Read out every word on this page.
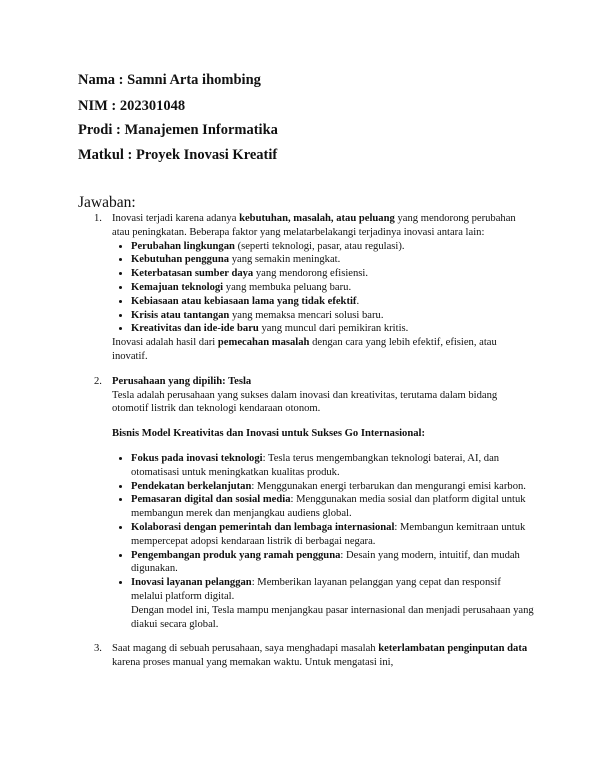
Nama : Samni Arta ihombing
NIM : 202301048
Prodi : Manajemen Informatika
Matkul : Proyek Inovasi Kreatif
Jawaban:
1. Inovasi terjadi karena adanya kebutuhan, masalah, atau peluang yang mendorong perubahan atau peningkatan. Beberapa faktor yang melatarbelakangi terjadinya inovasi antara lain:

• Perubahan lingkungan (seperti teknologi, pasar, atau regulasi).
• Kebutuhan pengguna yang semakin meningkat.
• Keterbatasan sumber daya yang mendorong efisiensi.
• Kemajuan teknologi yang membuka peluang baru.
• Kebiasaan atau kebiasaan lama yang tidak efektif.
• Krisis atau tantangan yang memaksa mencari solusi baru.
• Kreativitas dan ide-ide baru yang muncul dari pemikiran kritis.

Inovasi adalah hasil dari pemecahan masalah dengan cara yang lebih efektif, efisien, atau inovatif.

2. Perusahaan yang dipilih: Tesla

Tesla adalah perusahaan yang sukses dalam inovasi dan kreativitas, terutama dalam bidang otomotif listrik dan teknologi kendaraan otonom.

Bisnis Model Kreativitas dan Inovasi untuk Sukses Go Internasional:

• Fokus pada inovasi teknologi: Tesla terus mengembangkan teknologi baterai, AI, dan otomatisasi untuk meningkatkan kualitas produk.
• Pendekatan berkelanjutan: Menggunakan energi terbarukan dan mengurangi emisi karbon.
• Pemasaran digital dan sosial media: Menggunakan media sosial dan platform digital untuk membangun merek dan menjangkau audiens global.
• Kolaborasi dengan pemerintah dan lembaga internasional: Membangun kemitraan untuk mempercepat adopsi kendaraan listrik di berbagai negara.
• Pengembangan produk yang ramah pengguna: Desain yang modern, intuitif, dan mudah digunakan.
• Inovasi layanan pelanggan: Memberikan layanan pelanggan yang cepat dan responsif melalui platform digital.
Dengan model ini, Tesla mampu menjangkau pasar internasional dan menjadi perusahaan yang diakui secara global.
3. Saat magang di sebuah perusahaan, saya menghadapi masalah keterlambatan penginputan data karena proses manual yang memakan waktu. Untuk mengatasi ini,
